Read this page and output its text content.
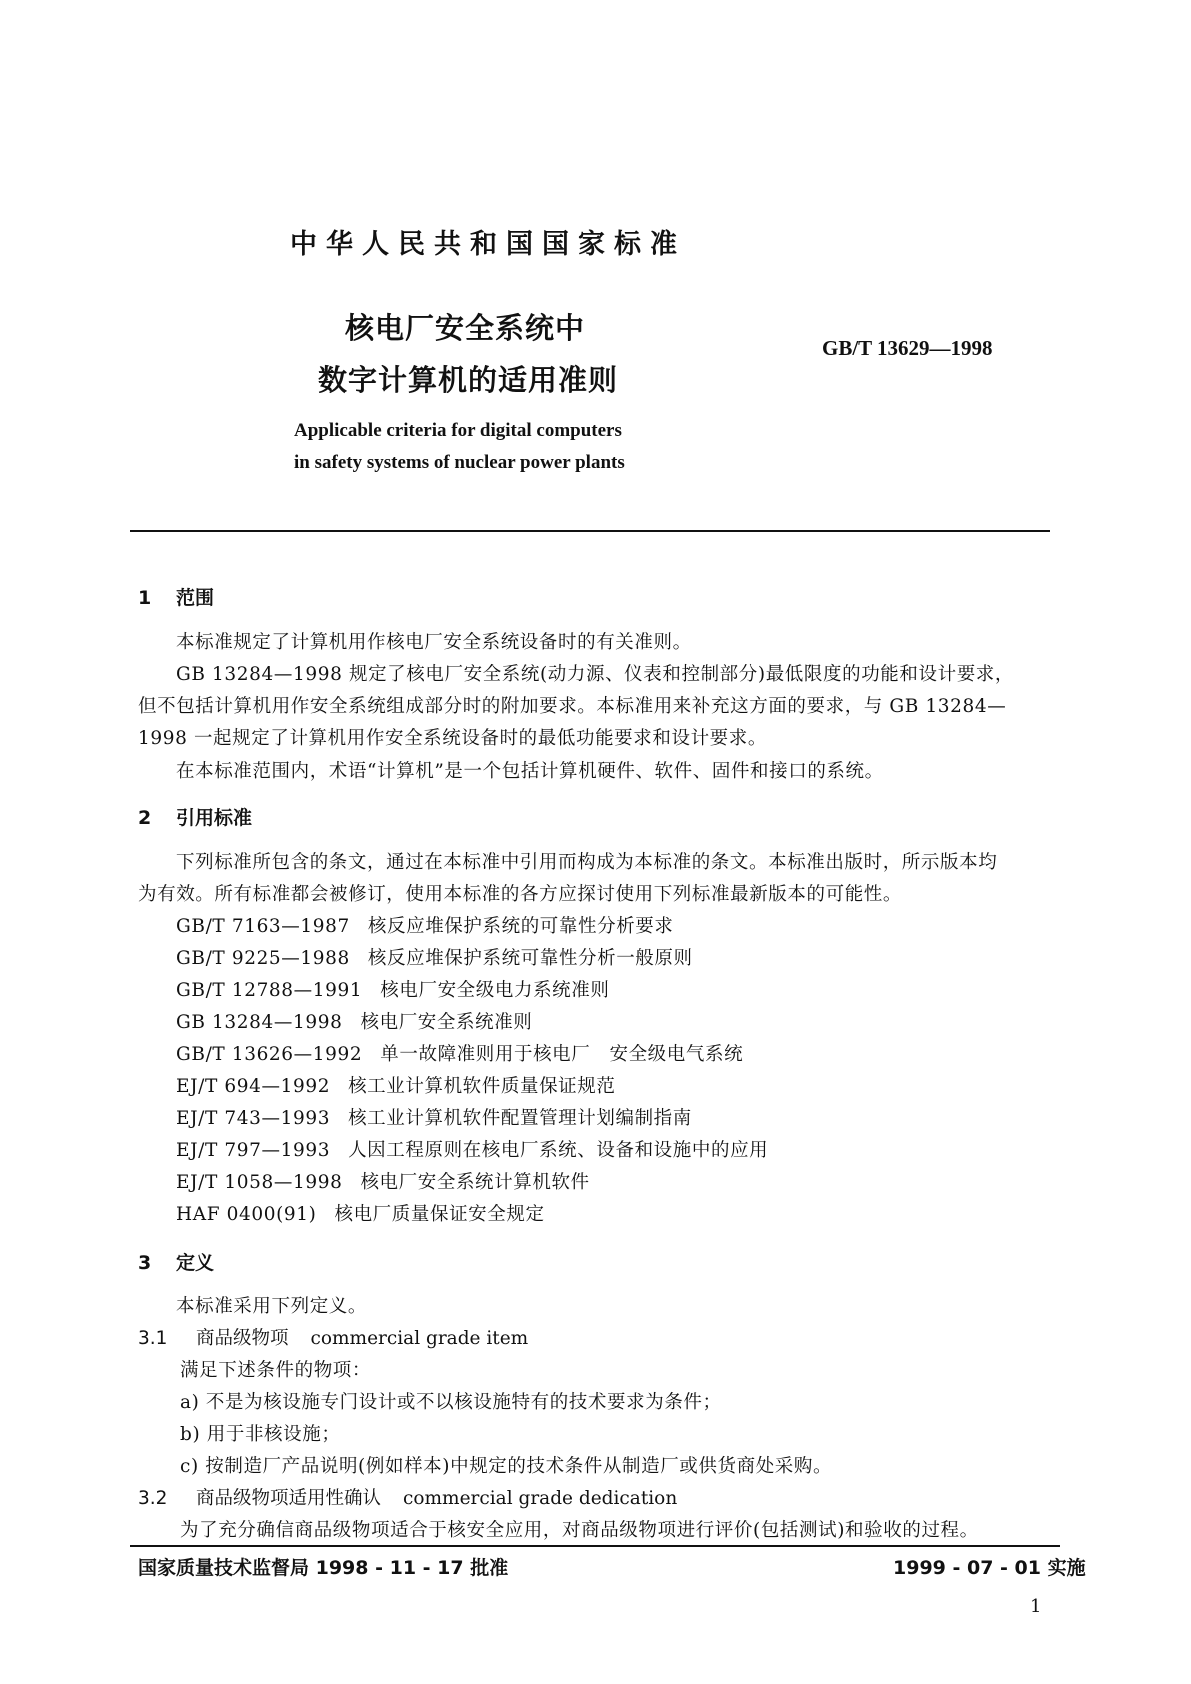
中华人民共和国国家标准
核电厂安全系统中
数字计算机的适用准则
GB/T 13629—1998
Applicable criteria for digital computers
in safety systems of nuclear power plants
1 范围
本标准规定了计算机用作核电厂安全系统设备时的有关准则。
GB 13284—1998 规定了核电厂安全系统(动力源、仪表和控制部分)最低限度的功能和设计要求，
但不包括计算机用作安全系统组成部分时的附加要求。本标准用来补充这方面的要求，与 GB 13284—
1998 一起规定了计算机用作安全系统设备时的最低功能要求和设计要求。
在本标准范围内，术语“计算机”是一个包括计算机硬件、软件、固件和接口的系统。
2 引用标准
下列标准所包含的条文，通过在本标准中引用而构成为本标准的条文。本标准出版时，所示版本均
为有效。所有标准都会被修订，使用本标准的各方应探讨使用下列标准最新版本的可能性。
GB/T 7163—1987 核反应堆保护系统的可靠性分析要求
GB/T 9225—1988 核反应堆保护系统可靠性分析一般原则
GB/T 12788—1991 核电厂安全级电力系统准则
GB 13284—1998 核电厂安全系统准则
GB/T 13626—1992 单一故障准则用于核电厂　安全级电气系统
EJ/T 694—1992 核工业计算机软件质量保证规范
EJ/T 743—1993 核工业计算机软件配置管理计划编制指南
EJ/T 797—1993 人因工程原则在核电厂系统、设备和设施中的应用
EJ/T 1058—1998 核电厂安全系统计算机软件
HAF 0400(91) 核电厂质量保证安全规定
3 定义
本标准采用下列定义。
3.1 商品级物项 commercial grade item
满足下述条件的物项：
a) 不是为核设施专门设计或不以核设施特有的技术要求为条件；
b) 用于非核设施；
c) 按制造厂产品说明(例如样本)中规定的技术条件从制造厂或供货商处采购。
3.2 商品级物项适用性确认 commercial grade dedication
为了充分确信商品级物项适合于核安全应用，对商品级物项进行评价(包括测试)和验收的过程。
国家质量技术监督局 1998 - 11 - 17 批准	1999 - 07 - 01 实施
1
